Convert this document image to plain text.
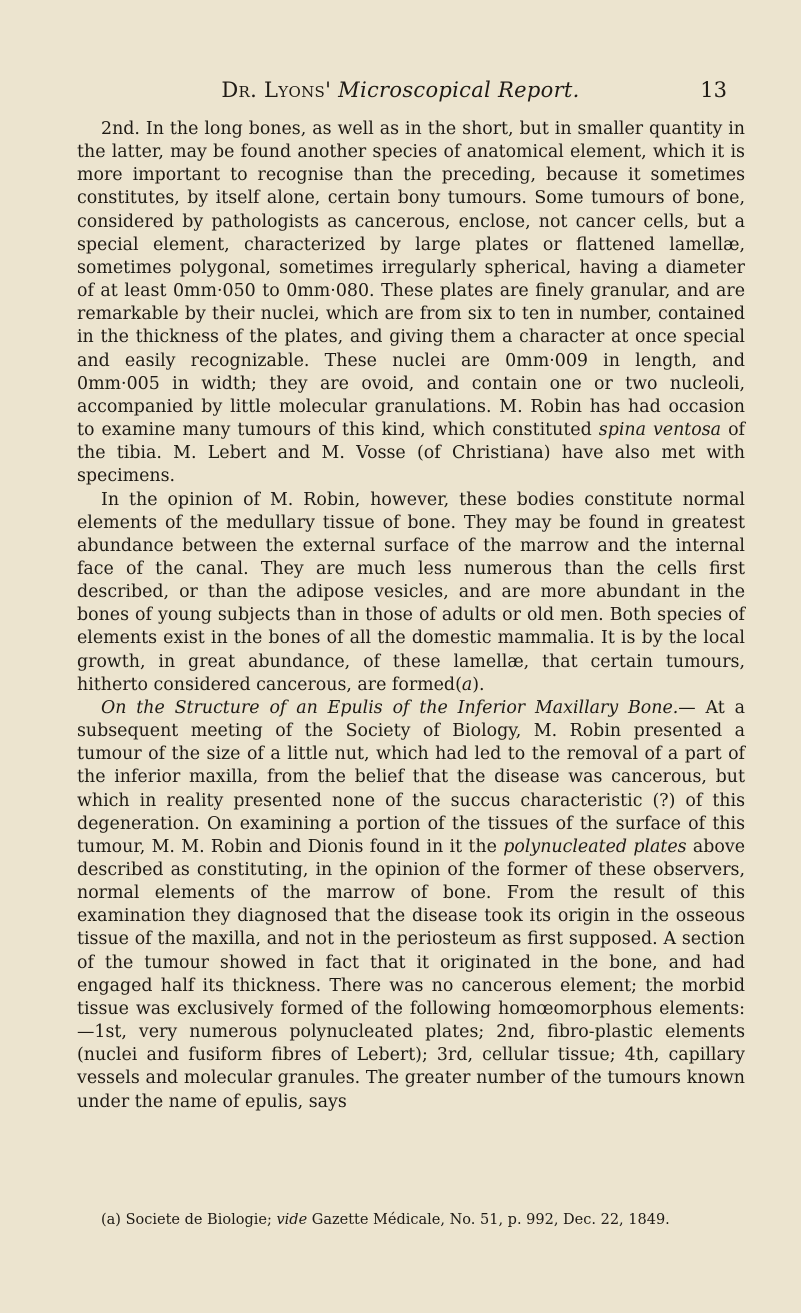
Dr. Lyons' Microscopical Report.	13

2nd. In the long bones, as well as in the short, but in smaller quantity in the latter, may be found another species of anatomical element, which it is more important to recognise than the preceding, because it sometimes constitutes, by itself alone, certain bony tumours. Some tumours of bone, considered by pathologists as cancerous, enclose, not cancer cells, but a special element, characterized by large plates or flattened lamellæ, sometimes polygonal, sometimes irregularly spherical, having a diameter of at least 0mm·050 to 0mm·080. These plates are finely granular, and are remarkable by their nuclei, which are from six to ten in number, contained in the thickness of the plates, and giving them a character at once special and easily recognizable. These nuclei are 0mm·009 in length, and 0mm·005 in width; they are ovoid, and contain one or two nucleoli, accompanied by little molecular granulations. M. Robin has had occasion to examine many tumours of this kind, which constituted spina ventosa of the tibia. M. Lebert and M. Vosse (of Christiana) have also met with specimens.

In the opinion of M. Robin, however, these bodies constitute normal elements of the medullary tissue of bone. They may be found in greatest abundance between the external surface of the marrow and the internal face of the canal. They are much less numerous than the cells first described, or than the adipose vesicles, and are more abundant in the bones of young subjects than in those of adults or old men. Both species of elements exist in the bones of all the domestic mammalia. It is by the local growth, in great abundance, of these lamellæ, that certain tumours, hitherto considered cancerous, are formed(a).

On the Structure of an Epulis of the Inferior Maxillary Bone.— At a subsequent meeting of the Society of Biology, M. Robin presented a tumour of the size of a little nut, which had led to the removal of a part of the inferior maxilla, from the belief that the disease was cancerous, but which in reality presented none of the succus characteristic (?) of this degeneration. On examining a portion of the tissues of the surface of this tumour, M. M. Robin and Dionis found in it the polynucleated plates above described as constituting, in the opinion of the former of these observers, normal elements of the marrow of bone. From the result of this examination they diagnosed that the disease took its origin in the osseous tissue of the maxilla, and not in the periosteum as first supposed. A section of the tumour showed in fact that it originated in the bone, and had engaged half its thickness. There was no cancerous element; the morbid tissue was exclusively formed of the following homœomorphous elements:—1st, very numerous polynucleated plates; 2nd, fibro-plastic elements (nuclei and fusiform fibres of Lebert); 3rd, cellular tissue; 4th, capillary vessels and molecular granules. The greater number of the tumours known under the name of epulis, says

(a) Societe de Biologie; vide Gazette Médicale, No. 51, p. 992, Dec. 22, 1849.
